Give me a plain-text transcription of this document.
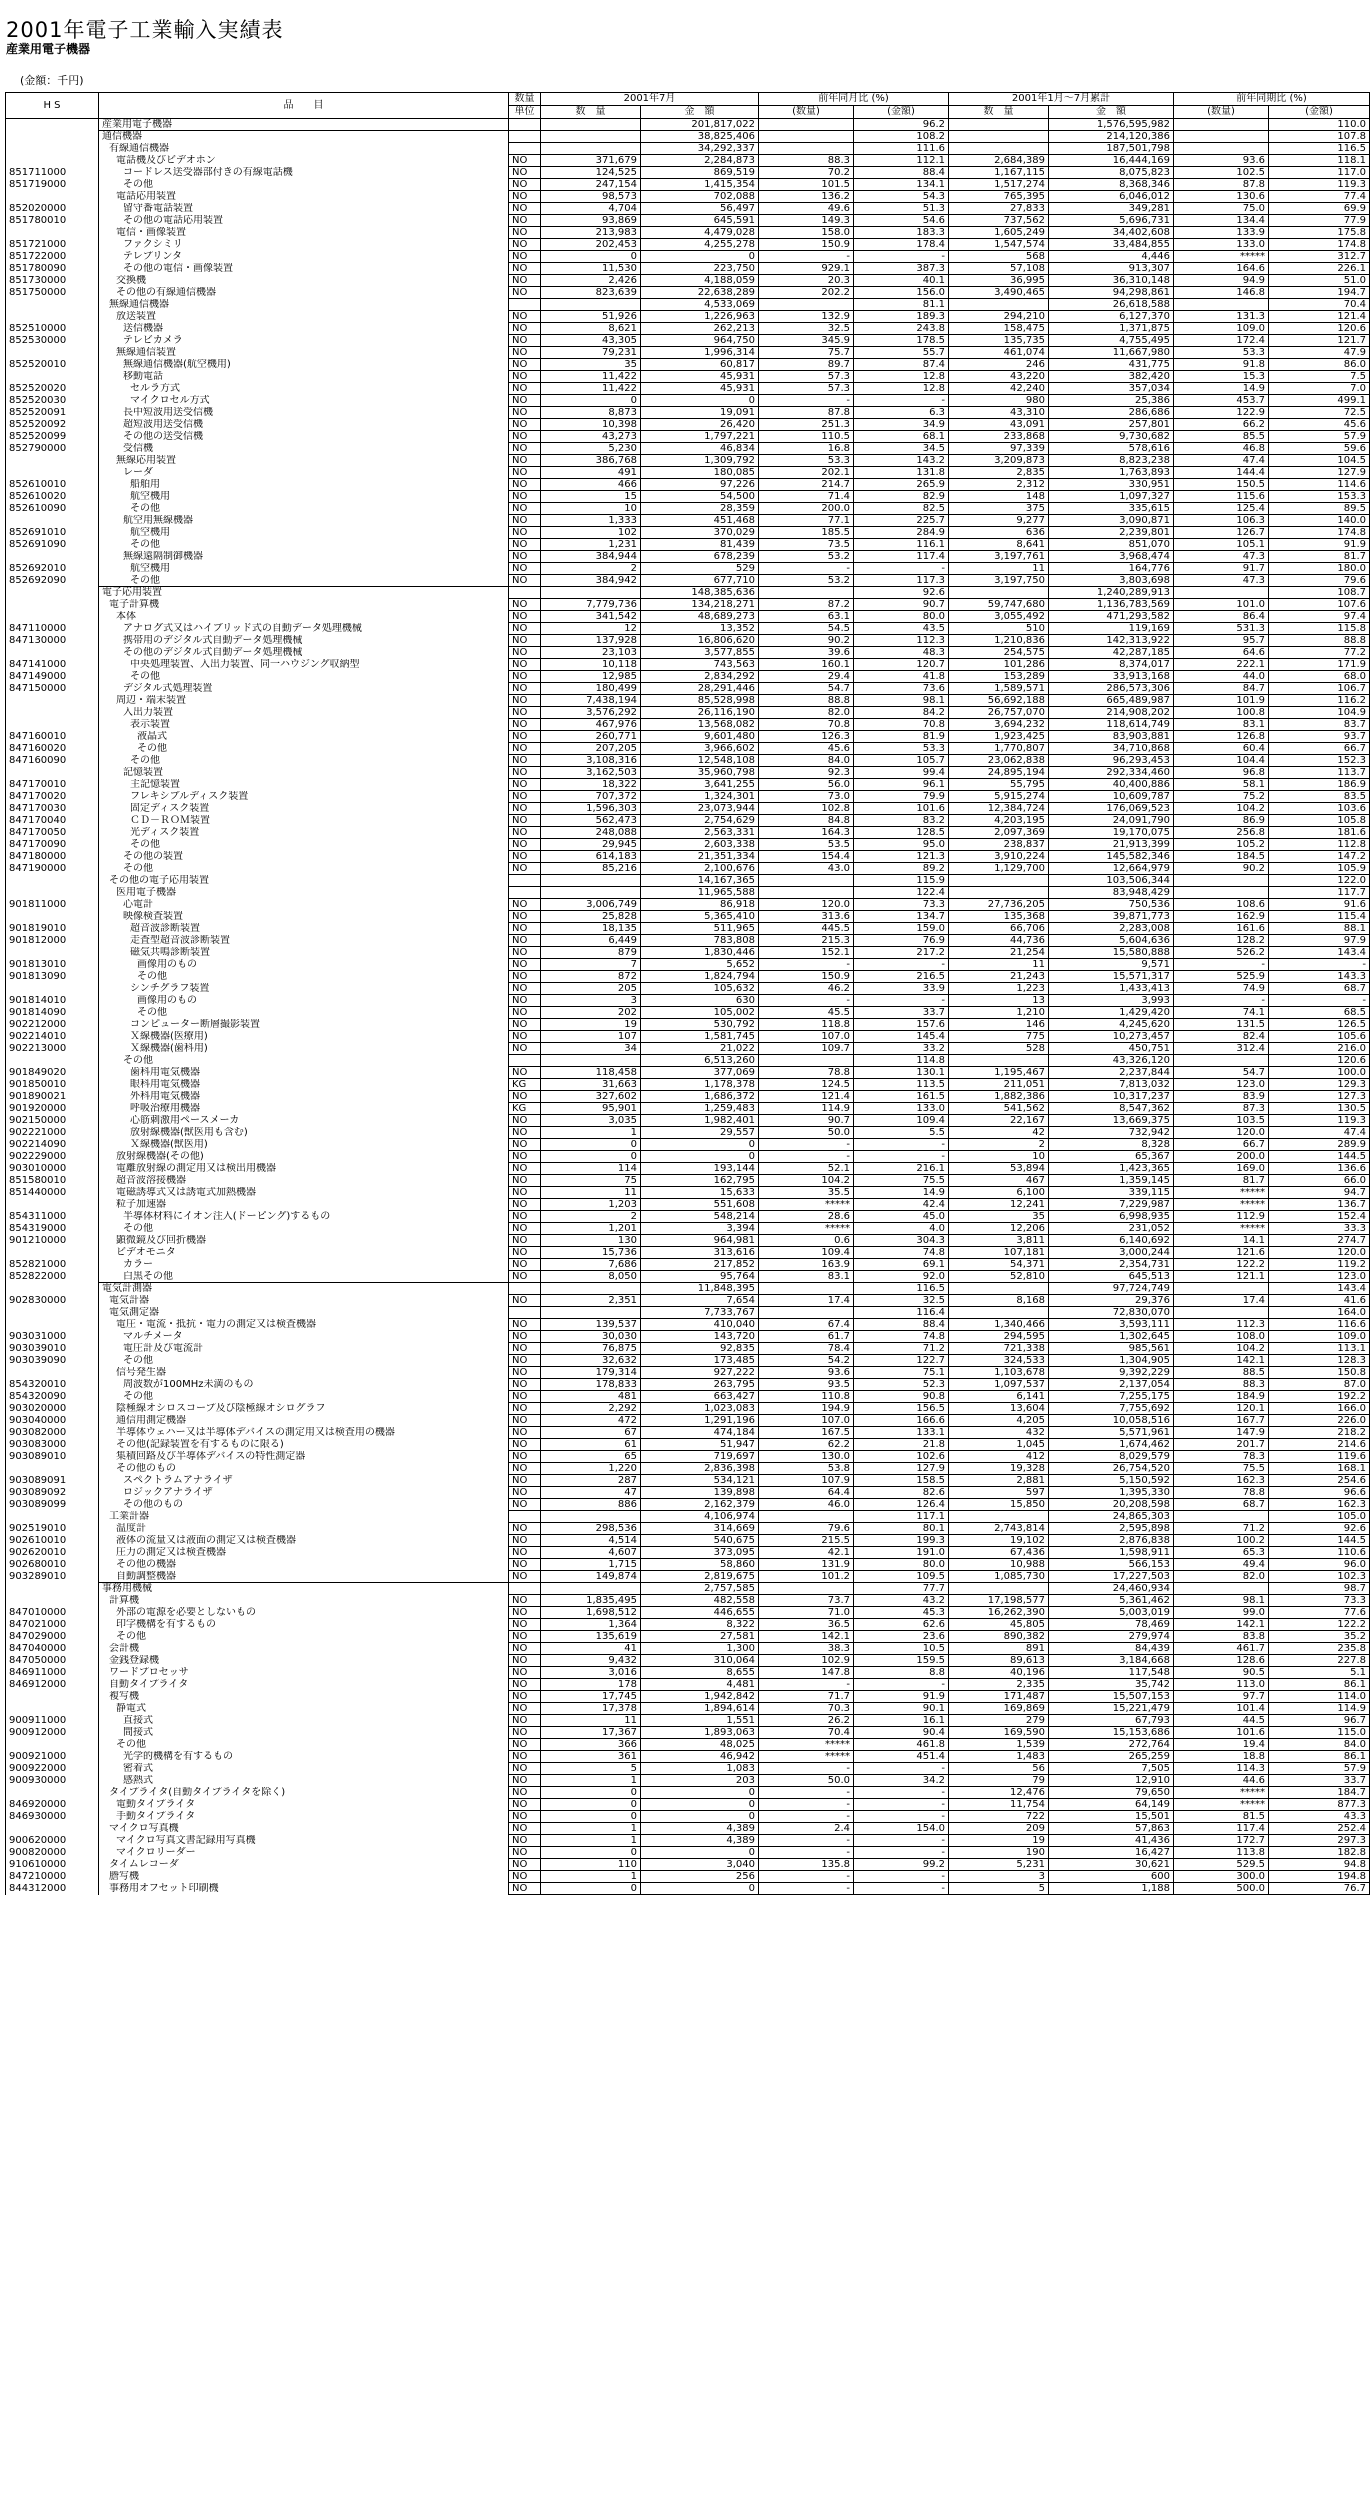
2001年電子工業輸入実績表
産業用電子機器
(金額：千円)
H S	品　　目	数量	2001年7月		前年同月比 (%)		2001年1月～7月累計		前年同期比 (%)	
		単位	数　量	金　額	(数量)	(金額)	数　量	金　額	(数量)	(金額)
	産業用電子機器			201,817,022		96.2		1,576,595,982		110.0
	通信機器			38,825,406		108.2		214,120,386		107.8
	有線通信機器			34,292,337		111.6		187,501,798		116.5
	電話機及びビデオホン	NO	371,679	2,284,873	88.3	112.1	2,684,389	16,444,169	93.6	118.1
851711000	コードレス送受器部付きの有線電話機	NO	124,525	869,519	70.2	88.4	1,167,115	8,075,823	102.5	117.0
851719000	その他	NO	247,154	1,415,354	101.5	134.1	1,517,274	8,368,346	87.8	119.3
	電話応用装置	NO	98,573	702,088	136.2	54.3	765,395	6,046,012	130.6	77.4
852020000	留守番電話装置	NO	4,704	56,497	49.6	51.3	27,833	349,281	75.0	69.9
851780010	その他の電話応用装置	NO	93,869	645,591	149.3	54.6	737,562	5,696,731	134.4	77.9
	電信・画像装置	NO	213,983	4,479,028	158.0	183.3	1,605,249	34,402,608	133.9	175.8
851721000	ファクシミリ	NO	202,453	4,255,278	150.9	178.4	1,547,574	33,484,855	133.0	174.8
851722000	テレプリンタ	NO	0	0	-	-	568	4,446	*****	312.7
851780090	その他の電信・画像装置	NO	11,530	223,750	929.1	387.3	57,108	913,307	164.6	226.1
851730000	交換機	NO	2,426	4,188,059	20.3	40.1	36,995	36,310,148	94.9	51.0
851750000	その他の有線通信機器	NO	823,639	22,638,289	202.2	156.0	3,490,465	94,298,861	146.8	194.7
	無線通信機器			4,533,069		81.1		26,618,588		70.4
	放送装置	NO	51,926	1,226,963	132.9	189.3	294,210	6,127,370	131.3	121.4
852510000	送信機器	NO	8,621	262,213	32.5	243.8	158,475	1,371,875	109.0	120.6
852530000	テレビカメラ	NO	43,305	964,750	345.9	178.5	135,735	4,755,495	172.4	121.7
	無線通信装置	NO	79,231	1,996,314	75.7	55.7	461,074	11,667,980	53.3	47.9
852520010	無線通信機器(航空機用)	NO	35	60,817	89.7	87.4	246	431,775	91.8	86.0
	移動電話	NO	11,422	45,931	57.3	12.8	43,220	382,420	15.3	7.5
852520020	セルラ方式	NO	11,422	45,931	57.3	12.8	42,240	357,034	14.9	7.0
852520030	マイクロセル方式	NO	0	0	-	-	980	25,386	453.7	499.1
852520091	長中短波用送受信機	NO	8,873	19,091	87.8	6.3	43,310	286,686	122.9	72.5
852520092	超短波用送受信機	NO	10,398	26,420	251.3	34.9	43,091	257,801	66.2	45.6
852520099	その他の送受信機	NO	43,273	1,797,221	110.5	68.1	233,868	9,730,682	85.5	57.9
852790000	受信機	NO	5,230	46,834	16.8	34.5	97,339	578,616	46.8	59.6
	無線応用装置	NO	386,768	1,309,792	53.3	143.2	3,209,873	8,823,238	47.4	104.5
	レーダ	NO	491	180,085	202.1	131.8	2,835	1,763,893	144.4	127.9
852610010	船舶用	NO	466	97,226	214.7	265.9	2,312	330,951	150.5	114.6
852610020	航空機用	NO	15	54,500	71.4	82.9	148	1,097,327	115.6	153.3
852610090	その他	NO	10	28,359	200.0	82.5	375	335,615	125.4	89.5
	航空用無線機器	NO	1,333	451,468	77.1	225.7	9,277	3,090,871	106.3	140.0
852691010	航空機用	NO	102	370,029	185.5	284.9	636	2,239,801	126.7	174.8
852691090	その他	NO	1,231	81,439	73.5	116.1	8,641	851,070	105.1	91.9
	無線遠隔制御機器	NO	384,944	678,239	53.2	117.4	3,197,761	3,968,474	47.3	81.7
852692010	航空機用	NO	2	529	-	-	11	164,776	91.7	180.0
852692090	その他	NO	384,942	677,710	53.2	117.3	3,197,750	3,803,698	47.3	79.6
	電子応用装置			148,385,636		92.6		1,240,289,913		108.7
	電子計算機	NO	7,779,736	134,218,271	87.2	90.7	59,747,680	1,136,783,569	101.0	107.6
	本体	NO	341,542	48,689,273	63.1	80.0	3,055,492	471,293,582	86.4	97.4
847110000	アナログ式又はハイブリッド式の自動データ処理機械	NO	12	13,352	54.5	43.5	510	119,169	531.3	115.8
847130000	携帯用のデジタル式自動データ処理機械	NO	137,928	16,806,620	90.2	112.3	1,210,836	142,313,922	95.7	88.8
	その他のデジタル式自動データ処理機械	NO	23,103	3,577,855	39.6	48.3	254,575	42,287,185	64.6	77.2
847141000	中央処理装置、入出力装置、同一ハウジング収納型	NO	10,118	743,563	160.1	120.7	101,286	8,374,017	222.1	171.9
847149000	その他	NO	12,985	2,834,292	29.4	41.8	153,289	33,913,168	44.0	68.0
847150000	デジタル式処理装置	NO	180,499	28,291,446	54.7	73.6	1,589,571	286,573,306	84.7	106.7
	周辺・端末装置	NO	7,438,194	85,528,998	88.8	98.1	56,692,188	665,489,987	101.9	116.2
	入出力装置	NO	3,576,292	26,116,190	82.0	84.2	26,757,070	214,908,202	100.8	104.9
	表示装置	NO	467,976	13,568,082	70.8	70.8	3,694,232	118,614,749	83.1	83.7
847160010	液晶式	NO	260,771	9,601,480	126.3	81.9	1,923,425	83,903,881	126.8	93.7
847160020	その他	NO	207,205	3,966,602	45.6	53.3	1,770,807	34,710,868	60.4	66.7
847160090	その他	NO	3,108,316	12,548,108	84.0	105.7	23,062,838	96,293,453	104.4	152.3
	記憶装置	NO	3,162,503	35,960,798	92.3	99.4	24,895,194	292,334,460	96.8	113.7
847170010	主記憶装置	NO	18,322	3,641,255	56.0	96.1	55,795	40,400,886	58.1	186.9
847170020	フレキシブルディスク装置	NO	707,372	1,324,301	73.0	79.9	5,915,274	10,609,787	75.2	83.5
847170030	固定ディスク装置	NO	1,596,303	23,073,944	102.8	101.6	12,384,724	176,069,523	104.2	103.6
847170040	ＣＤ－ＲＯＭ装置	NO	562,473	2,754,629	84.8	83.2	4,203,195	24,091,790	86.9	105.8
847170050	光ディスク装置	NO	248,088	2,563,331	164.3	128.5	2,097,369	19,170,075	256.8	181.6
847170090	その他	NO	29,945	2,603,338	53.5	95.0	238,837	21,913,399	105.2	112.8
847180000	その他の装置	NO	614,183	21,351,334	154.4	121.3	3,910,224	145,582,346	184.5	147.2
847190000	その他	NO	85,216	2,100,676	43.0	89.2	1,129,700	12,664,979	90.2	105.9
	その他の電子応用装置			14,167,365		115.9		103,506,344		122.0
	医用電子機器			11,965,588		122.4		83,948,429		117.7
901811000	心電計	NO	3,006,749	86,918	120.0	73.3	27,736,205	750,536	108.6	91.6
	映像検査装置	NO	25,828	5,365,410	313.6	134.7	135,368	39,871,773	162.9	115.4
901819010	超音波診断装置	NO	18,135	511,965	445.5	159.0	66,706	2,283,008	161.6	88.1
901812000	走査型超音波診断装置	NO	6,449	783,808	215.3	76.9	44,736	5,604,636	128.2	97.9
	磁気共鳴診断装置	NO	879	1,830,446	152.1	217.2	21,254	15,580,888	526.2	143.4
901813010	画像用のもの	NO	7	5,652	-	-	11	9,571	-	-
901813090	その他	NO	872	1,824,794	150.9	216.5	21,243	15,571,317	525.9	143.3
	シンチグラフ装置	NO	205	105,632	46.2	33.9	1,223	1,433,413	74.9	68.7
901814010	画像用のもの	NO	3	630	-	-	13	3,993	-	-
901814090	その他	NO	202	105,002	45.5	33.7	1,210	1,429,420	74.1	68.5
902212000	コンピューター断層撮影装置	NO	19	530,792	118.8	157.6	146	4,245,620	131.5	126.5
902214010	Ｘ線機器(医療用)	NO	107	1,581,745	107.0	145.4	775	10,273,457	82.4	105.6
902213000	Ｘ線機器(歯科用)	NO	34	21,022	109.7	33.2	528	450,751	312.4	216.0
	その他			6,513,260		114.8		43,326,120		120.6
901849020	歯科用電気機器	NO	118,458	377,069	78.8	130.1	1,195,467	2,237,844	54.7	100.0
901850010	眼科用電気機器	KG	31,663	1,178,378	124.5	113.5	211,051	7,813,032	123.0	129.3
901890021	外科用電気機器	NO	327,602	1,686,372	121.4	161.5	1,882,386	10,317,237	83.9	127.3
901920000	呼吸治療用機器	KG	95,901	1,259,483	114.9	133.0	541,562	8,547,362	87.3	130.5
902150000	心筋刺激用ペースメーカ	NO	3,035	1,982,401	90.7	109.4	22,167	13,669,375	103.5	119.3
902221000	放射線機器(獣医用も含む)	NO	1	29,557	50.0	5.5	42	732,942	120.0	47.4
902214090	Ｘ線機器(獣医用)	NO	0	0	-	-	2	8,328	66.7	289.9
902229000	放射線機器(その他)	NO	0	0	-	-	10	65,367	200.0	144.5
903010000	電離放射線の測定用又は検出用機器	NO	114	193,144	52.1	216.1	53,894	1,423,365	169.0	136.6
851580010	超音波溶接機器	NO	75	162,795	104.2	75.5	467	1,359,145	81.7	66.0
851440000	電磁誘導式又は誘電式加熱機器	NO	11	15,633	35.5	14.9	6,100	339,115	*****	94.7
	粒子加速器	NO	1,203	551,608	*****	42.4	12,241	7,229,987	*****	136.7
854311000	半導体材料にイオン注入(ドーピング)するもの	NO	2	548,214	28.6	45.0	35	6,998,935	112.9	152.4
854319000	その他	NO	1,201	3,394	*****	4.0	12,206	231,052	*****	33.3
901210000	顕微鏡及び回折機器	NO	130	964,981	0.6	304.3	3,811	6,140,692	14.1	274.7
	ビデオモニタ	NO	15,736	313,616	109.4	74.8	107,181	3,000,244	121.6	120.0
852821000	カラー	NO	7,686	217,852	163.9	69.1	54,371	2,354,731	122.2	119.2
852822000	白黒その他	NO	8,050	95,764	83.1	92.0	52,810	645,513	121.1	123.0
	電気計測器			11,848,395		116.5		97,724,749		143.4
902830000	電気計器	NO	2,351	7,654	17.4	32.5	8,168	29,376	17.4	41.6
	電気測定器			7,733,767		116.4		72,830,070		164.0
	電圧・電流・抵抗・電力の測定又は検査機器	NO	139,537	410,040	67.4	88.4	1,340,466	3,593,111	112.3	116.6
903031000	マルチメータ	NO	30,030	143,720	61.7	74.8	294,595	1,302,645	108.0	109.0
903039010	電圧計及び電流計	NO	76,875	92,835	78.4	71.2	721,338	985,561	104.2	113.1
903039090	その他	NO	32,632	173,485	54.2	122.7	324,533	1,304,905	142.1	128.3
	信号発生器	NO	179,314	927,222	93.6	75.1	1,103,678	9,392,229	88.5	150.8
854320010	周波数が100MHz未満のもの	NO	178,833	263,795	93.5	52.3	1,097,537	2,137,054	88.3	87.0
854320090	その他	NO	481	663,427	110.8	90.8	6,141	7,255,175	184.9	192.2
903020000	陰極線オシロスコープ及び陰極線オシログラフ	NO	2,292	1,023,083	194.9	156.5	13,604	7,755,692	120.1	166.0
903040000	通信用測定機器	NO	472	1,291,196	107.0	166.6	4,205	10,058,516	167.7	226.0
903082000	半導体ウェハー又は半導体デバイスの測定用又は検査用の機器	NO	67	474,184	167.5	133.1	432	5,571,961	147.9	218.2
903083000	その他(記録装置を有するものに限る)	NO	61	51,947	62.2	21.8	1,045	1,674,462	201.7	214.6
903089010	集積回路及び半導体デバイスの特性測定器	NO	65	719,697	130.0	102.6	412	8,029,579	78.3	119.6
	その他のもの	NO	1,220	2,836,398	53.8	127.9	19,328	26,754,520	75.5	168.1
903089091	スペクトラムアナライザ	NO	287	534,121	107.9	158.5	2,881	5,150,592	162.3	254.6
903089092	ロジックアナライザ	NO	47	139,898	64.4	82.6	597	1,395,330	78.8	96.6
903089099	その他のもの	NO	886	2,162,379	46.0	126.4	15,850	20,208,598	68.7	162.3
	工業計器			4,106,974		117.1		24,865,303		105.0
902519010	温度計	NO	298,536	314,669	79.6	80.1	2,743,814	2,595,898	71.2	92.6
902610010	液体の流量又は液面の測定又は検査機器	NO	4,514	540,675	215.5	199.3	19,102	2,876,838	100.2	144.5
902620010	圧力の測定又は検査機器	NO	4,607	373,095	42.1	191.0	67,436	1,598,911	65.3	110.6
902680010	その他の機器	NO	1,715	58,860	131.9	80.0	10,988	566,153	49.4	96.0
903289010	自動調整機器	NO	149,874	2,819,675	101.2	109.5	1,085,730	17,227,503	82.0	102.3
	事務用機械			2,757,585		77.7		24,460,934		98.7
	計算機	NO	1,835,495	482,558	73.7	43.2	17,198,577	5,361,462	98.1	73.3
847010000	外部の電源を必要としないもの	NO	1,698,512	446,655	71.0	45.3	16,262,390	5,003,019	99.0	77.6
847021000	印字機構を有するもの	NO	1,364	8,322	36.5	62.6	45,805	78,469	142.1	122.2
847029000	その他	NO	135,619	27,581	142.1	23.6	890,382	279,974	83.8	35.2
847040000	会計機	NO	41	1,300	38.3	10.5	891	84,439	461.7	235.8
847050000	金銭登録機	NO	9,432	310,064	102.9	159.5	89,613	3,184,668	128.6	227.8
846911000	ワードプロセッサ	NO	3,016	8,655	147.8	8.8	40,196	117,548	90.5	5.1
846912000	自動タイプライタ	NO	178	4,481	-	-	2,335	35,742	113.0	86.1
	複写機	NO	17,745	1,942,842	71.7	91.9	171,487	15,507,153	97.7	114.0
	静電式	NO	17,378	1,894,614	70.3	90.1	169,869	15,221,479	101.4	114.9
900911000	直接式	NO	11	1,551	26.2	16.1	279	67,793	44.5	96.7
900912000	間接式	NO	17,367	1,893,063	70.4	90.4	169,590	15,153,686	101.6	115.0
	その他	NO	366	48,025	*****	461.8	1,539	272,764	19.4	84.0
900921000	光学的機構を有するもの	NO	361	46,942	*****	451.4	1,483	265,259	18.8	86.1
900922000	密着式	NO	5	1,083	-	-	56	7,505	114.3	57.9
900930000	感熱式	NO	1	203	50.0	34.2	79	12,910	44.6	33.7
	タイプライタ(自動タイプライタを除く)	NO	0	0	-	-	12,476	79,650	*****	184.7
846920000	電動タイプライタ	NO	0	0	-	-	11,754	64,149	*****	877.3
846930000	手動タイプライタ	NO	0	0	-	-	722	15,501	81.5	43.3
	マイクロ写真機	NO	1	4,389	2.4	154.0	209	57,863	117.4	252.4
900620000	マイクロ写真文書記録用写真機	NO	1	4,389	-	-	19	41,436	172.7	297.3
900820000	マイクロリーダー	NO	0	0	-	-	190	16,427	113.8	182.8
910610000	タイムレコーダ	NO	110	3,040	135.8	99.2	5,231	30,621	529.5	94.8
847210000	謄写機	NO	1	256	-	-	3	600	300.0	194.8
844312000	事務用オフセット印刷機	NO	0	0	-	-	5	1,188	500.0	76.7
